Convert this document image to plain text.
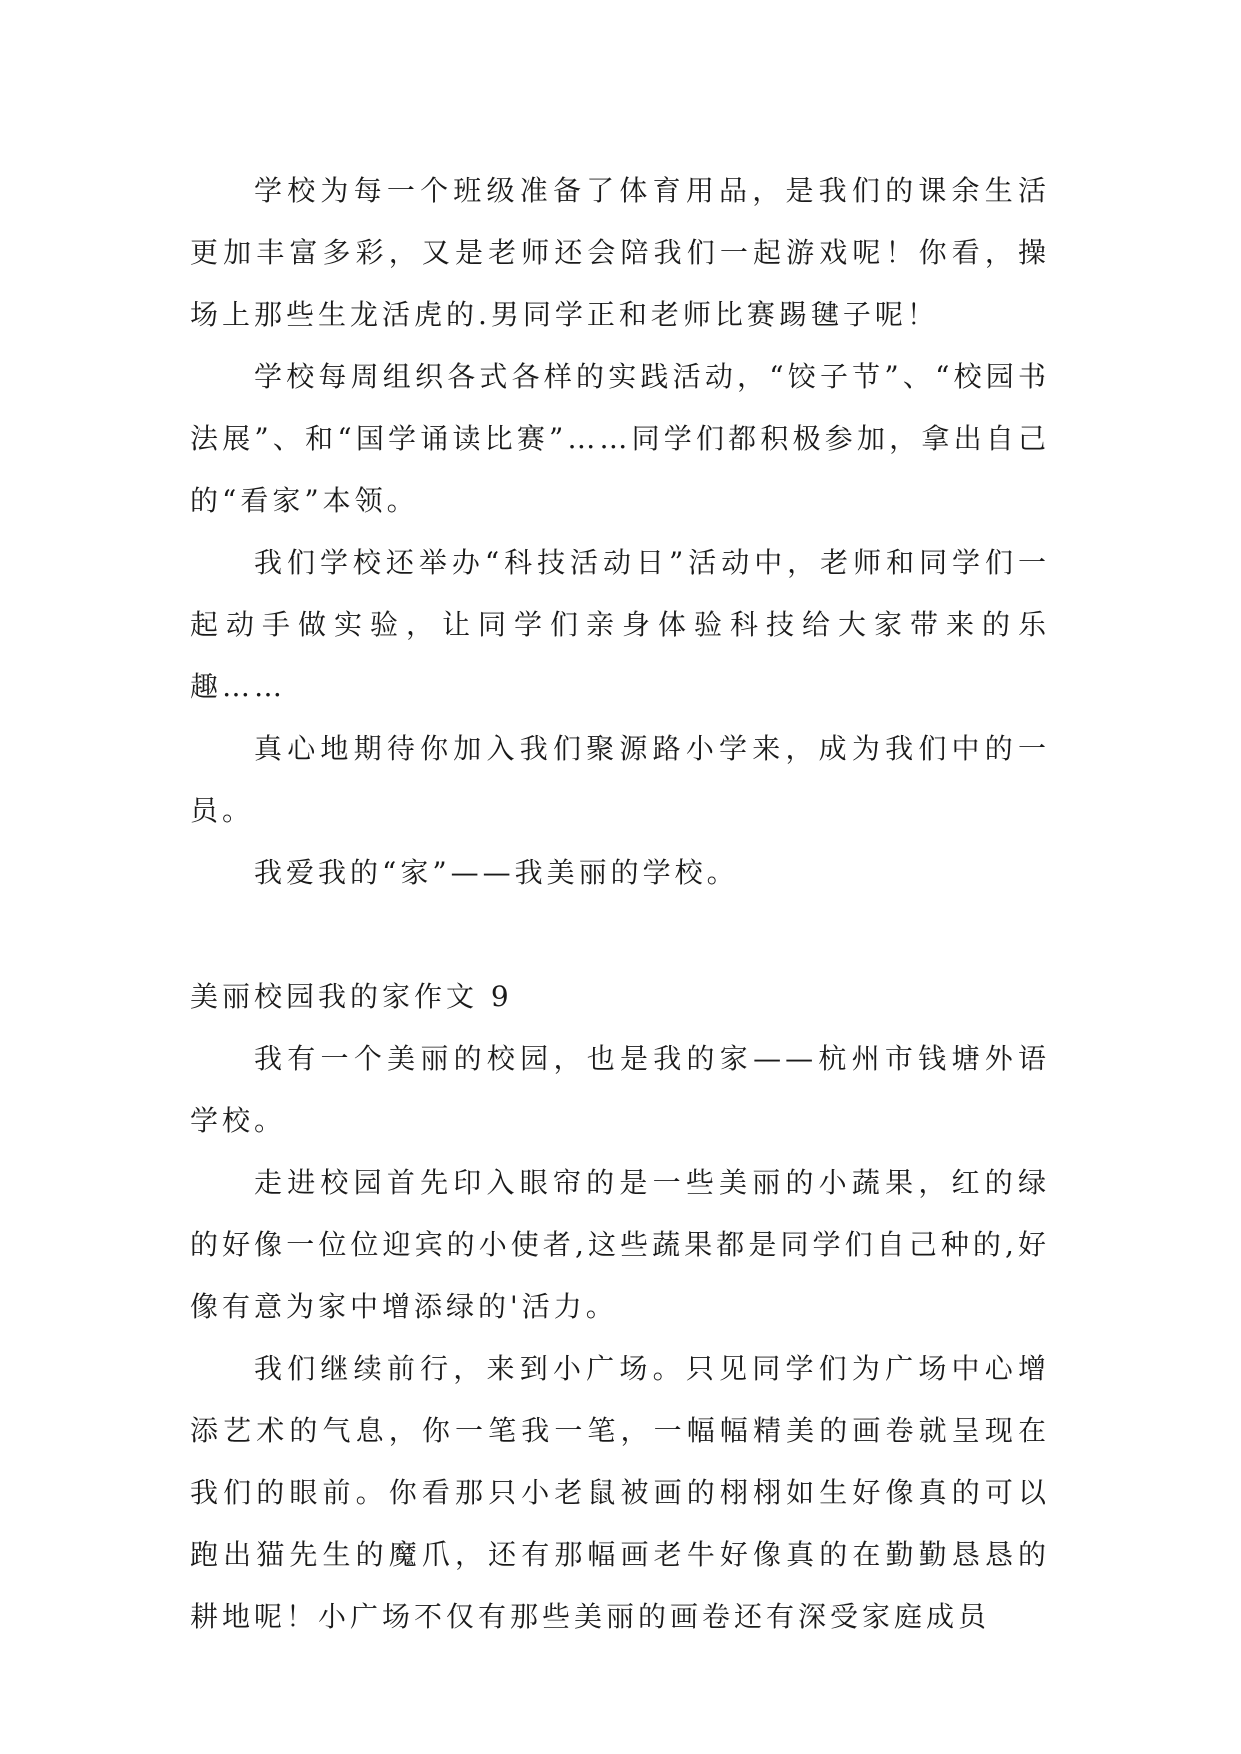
学校为每一个班级准备了体育用品，是我们的课余生活更加丰富多彩，又是老师还会陪我们一起游戏呢！你看，操场上那些生龙活虎的.男同学正和老师比赛踢毽子呢！

学校每周组织各式各样的实践活动，“饺子节”、“校园书法展”、和“国学诵读比赛”……同学们都积极参加，拿出自己的“看家”本领。

我们学校还举办“科技活动日”活动中，老师和同学们一起动手做实验，让同学们亲身体验科技给大家带来的乐趣……

真心地期待你加入我们聚源路小学来，成为我们中的一员。

我爱我的“家”——我美丽的学校。

美丽校园我的家作文 9

我有一个美丽的校园，也是我的家——杭州市钱塘外语学校。

走进校园首先印入眼帘的是一些美丽的小蔬果，红的绿的好像一位位迎宾的小使者,这些蔬果都是同学们自己种的,好像有意为家中增添绿的'活力。

我们继续前行，来到小广场。只见同学们为广场中心增添艺术的气息，你一笔我一笔，一幅幅精美的画卷就呈现在我们的眼前。你看那只小老鼠被画的栩栩如生好像真的可以跑出猫先生的魔爪，还有那幅画老牛好像真的在勤勤恳恳的耕地呢！小广场不仅有那些美丽的画卷还有深受家庭成员
